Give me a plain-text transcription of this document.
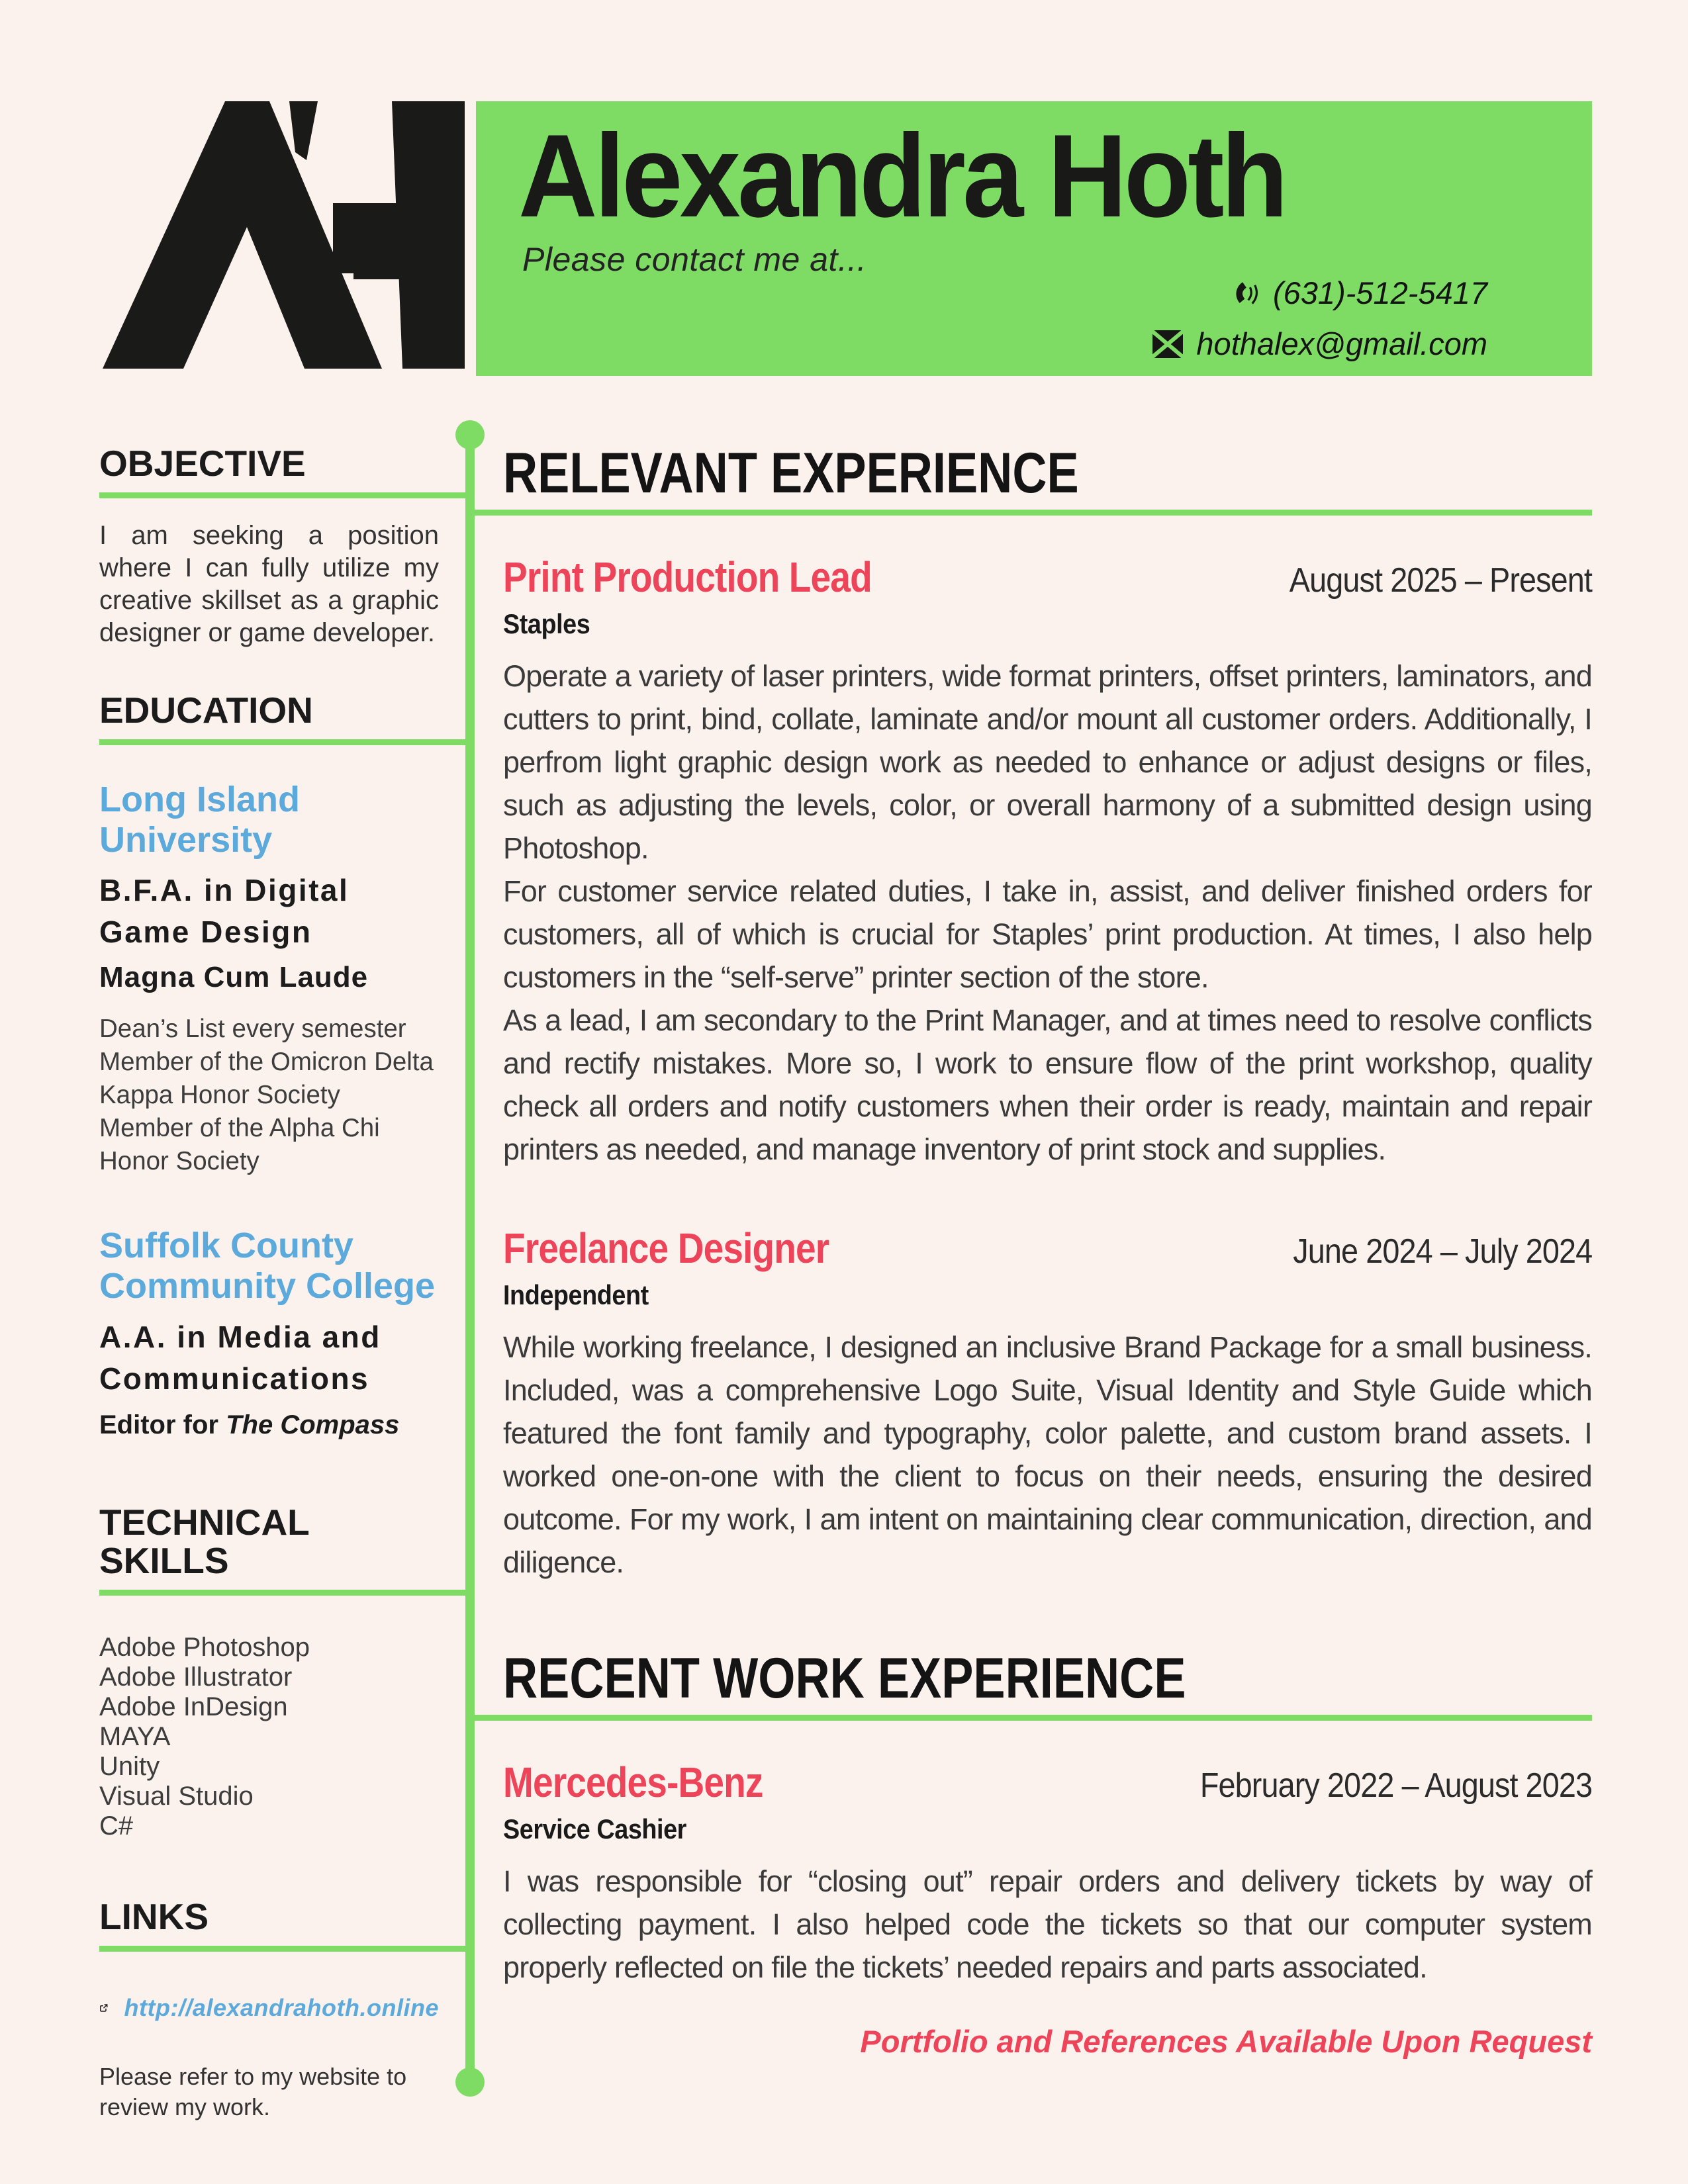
Alexandra Hoth
Please contact me at...
(631)-512-5417
hothalex@gmail.com
OBJECTIVE
I am seeking a position where I can fully utilize my creative skillset as a graphic designer or game developer.
EDUCATION
Long Island University
B.F.A. in Digital Game Design
Magna Cum Laude
Dean’s List every semester
Member of the Omicron Delta Kappa Honor Society
Member of the Alpha Chi Honor Society
Suffolk County Community College
A.A. in Media and Communications
Editor for The Compass
TECHNICAL SKILLS
Adobe Photoshop
Adobe Illustrator
Adobe InDesign
MAYA
Unity
Visual Studio
C#
LINKS
http://alexandrahoth.online
Please refer to my website to review my work.
RELEVANT EXPERIENCE
Print Production Lead	August 2025 – Present
Staples

Operate a variety of laser printers, wide format printers, offset printers, laminators, and cutters to print, bind, collate, laminate and/or mount all customer orders. Additionally, I perfrom light graphic design work as needed to enhance or adjust designs or files, such as adjusting the levels, color, or overall harmony of a submitted design using Photoshop.

For customer service related duties, I take in, assist, and deliver finished orders for customers, all of which is crucial for Staples’ print production. At times, I also help customers in the “self-serve” printer section of the store.

As a lead, I am secondary to the Print Manager, and at times need to resolve conflicts and rectify mistakes. More so, I work to ensure flow of the print workshop, quality check all orders and notify customers when their order is ready, maintain and repair printers as needed, and manage inventory of print stock and supplies.

Freelance Designer	June 2024 – July 2024
Independent

While working freelance, I designed an inclusive Brand Package for a small business. Included, was a comprehensive Logo Suite, Visual Identity and Style Guide which featured the font family and typography, color palette, and custom brand assets. I worked one-on-one with the client to focus on their needs, ensuring the desired outcome. For my work, I am intent on maintaining clear communication, direction, and diligence.

RECENT WORK EXPERIENCE
Mercedes-Benz	February 2022 – August 2023
Service Cashier

I was responsible for “closing out” repair orders and delivery tickets by way of collecting payment. I also helped code the tickets so that our computer system properly reflected on file the tickets’ needed repairs and parts associated.

Portfolio and References Available Upon Request
